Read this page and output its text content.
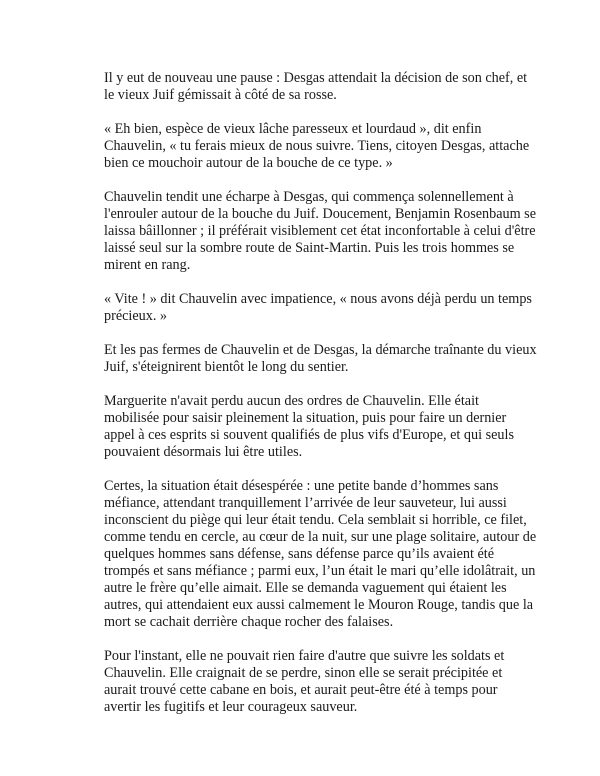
Il y eut de nouveau une pause : Desgas attendait la décision de son chef, et
le vieux Juif gémissait à côté de sa rosse.

« Eh bien, espèce de vieux lâche paresseux et lourdaud », dit enfin
Chauvelin, « tu ferais mieux de nous suivre. Tiens, citoyen Desgas, attache
bien ce mouchoir autour de la bouche de ce type. »

Chauvelin tendit une écharpe à Desgas, qui commença solennellement à
l'enrouler autour de la bouche du Juif. Doucement, Benjamin Rosenbaum se
laissa bâillonner ; il préférait visiblement cet état inconfortable à celui d'être
laissé seul sur la sombre route de Saint-Martin. Puis les trois hommes se
mirent en rang.

« Vite ! » dit Chauvelin avec impatience, « nous avons déjà perdu un temps
précieux. »

Et les pas fermes de Chauvelin et de Desgas, la démarche traînante du vieux
Juif, s'éteignirent bientôt le long du sentier.

Marguerite n'avait perdu aucun des ordres de Chauvelin. Elle était
mobilisée pour saisir pleinement la situation, puis pour faire un dernier
appel à ces esprits si souvent qualifiés de plus vifs d'Europe, et qui seuls
pouvaient désormais lui être utiles.

Certes, la situation était désespérée : une petite bande d’hommes sans
méfiance, attendant tranquillement l’arrivée de leur sauveteur, lui aussi
inconscient du piège qui leur était tendu. Cela semblait si horrible, ce filet,
comme tendu en cercle, au cœur de la nuit, sur une plage solitaire, autour de
quelques hommes sans défense, sans défense parce qu’ils avaient été
trompés et sans méfiance ; parmi eux, l’un était le mari qu’elle idolâtrait, un
autre le frère qu’elle aimait. Elle se demanda vaguement qui étaient les
autres, qui attendaient eux aussi calmement le Mouron Rouge, tandis que la
mort se cachait derrière chaque rocher des falaises.

Pour l'instant, elle ne pouvait rien faire d'autre que suivre les soldats et
Chauvelin. Elle craignait de se perdre, sinon elle se serait précipitée et
aurait trouvé cette cabane en bois, et aurait peut-être été à temps pour
avertir les fugitifs et leur courageux sauveur.
